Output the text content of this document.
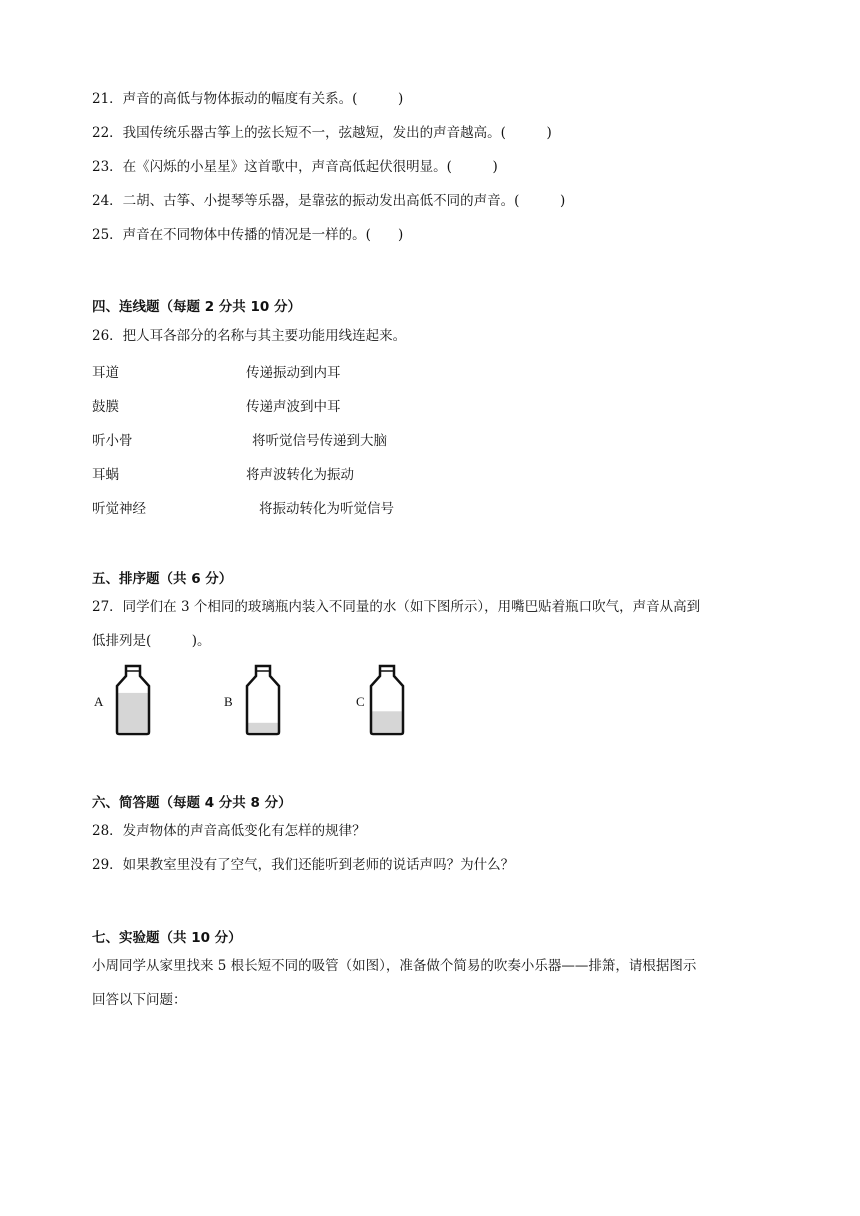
21．声音的高低与物体振动的幅度有关系。(　　　)
22．我国传统乐器古筝上的弦长短不一，弦越短，发出的声音越高。(　　　)
23．在《闪烁的小星星》这首歌中，声音高低起伏很明显。(　　　)
24．二胡、古筝、小提琴等乐器，是靠弦的振动发出高低不同的声音。(　　　)
25．声音在不同物体中传播的情况是一样的。(　　)
四、连线题（每题 2 分共 10 分）
26．把人耳各部分的名称与其主要功能用线连起来。
耳道	传递振动到内耳
鼓膜	传递声波到中耳
听小骨	将听觉信号传递到大脑
耳蜗	将声波转化为振动
听觉神经	将振动转化为听觉信号
五、排序题（共 6 分）
27．同学们在 3 个相同的玻璃瓶内装入不同量的水（如下图所示），用嘴巴贴着瓶口吹气，声音从高到
低排列是(　　　)。
A	B	C
六、简答题（每题 4 分共 8 分）
28．发声物体的声音高低变化有怎样的规律？
29．如果教室里没有了空气，我们还能听到老师的说话声吗？为什么？
七、实验题（共 10 分）
小周同学从家里找来 5 根长短不同的吸管（如图），准备做个简易的吹奏小乐器——排箫，请根据图示
回答以下问题：
